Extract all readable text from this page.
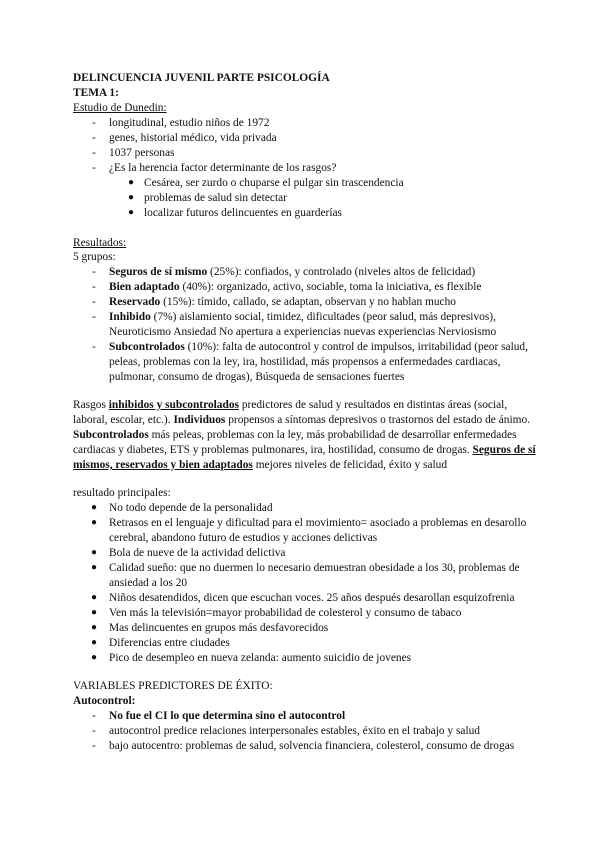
DELINCUENCIA JUVENIL PARTE PSICOLOGÍA
TEMA 1:
Estudio de Dunedin:
- longitudinal, estudio niños de 1972
- genes, historial médico, vida privada
- 1037 personas
- ¿Es la herencia factor determinante de los rasgos?
● Cesárea, ser zurdo o chuparse el pulgar sin trascendencia
● problemas de salud sin detectar
● localizar futuros delincuentes en guarderías
Resultados:
5 grupos:
- Seguros de sí mismo (25%): confiados, y controlado (niveles altos de felicidad)
- Bien adaptado (40%): organizado, activo, sociable, toma la iniciativa, es flexible
- Reservado (15%): tímido, callado, se adaptan, observan y no hablan mucho
- Inhibido (7%) aislamiento social, timidez, dificultades (peor salud, más depresivos),
Neuroticismo Ansiedad No apertura a experiencias nuevas experiencias Nerviosismo
- Subcontrolados (10%): falta de autocontrol y control de impulsos, irritabilidad (peor salud,
peleas, problemas con la ley, ira, hostilidad, más propensos a enfermedades cardiacas,
pulmonar, consumo de drogas), Búsqueda de sensaciones fuertes
Rasgos inhibidos y subcontrolados predictores de salud y resultados en distintas áreas (social,
laboral, escolar, etc.). Individuos propensos a síntomas depresivos o trastornos del estado de ánimo.
Subcontrolados más peleas, problemas con la ley, más probabilidad de desarrollar enfermedades
cardiacas y diabetes, ETS y problemas pulmonares, ira, hostilidad, consumo de drogas. Seguros de sí
mismos, reservados y bien adaptados mejores niveles de felicidad, éxito y salud
resultado principales:
● No todo depende de la personalidad
● Retrasos en el lenguaje y dificultad para el movimiento= asociado a problemas en desarollo
cerebral, abandono futuro de estudios y acciones delictivas
● Bola de nueve de la actividad delictiva
● Calidad sueño: que no duermen lo necesario demuestran obesidade a los 30, problemas de
ansiedad a los 20
● Niños desatendidos, dicen que escuchan voces. 25 años después desarollan esquizofrenia
● Ven más la televisión=mayor probabilidad de colesterol y consumo de tabaco
● Mas delincuentes en grupos más desfavorecidos
● Diferencias entre ciudades
● Pico de desempleo en nueva zelanda: aumento suicidio de jovenes
VARIABLES PREDICTORES DE ÉXITO:
Autocontrol:
- No fue el CI lo que determina sino el autocontrol
- autocontrol predice relaciones interpersonales estables, éxito en el trabajo y salud
- bajo autocentro: problemas de salud, solvencia financiera, colesterol, consumo de drogas
